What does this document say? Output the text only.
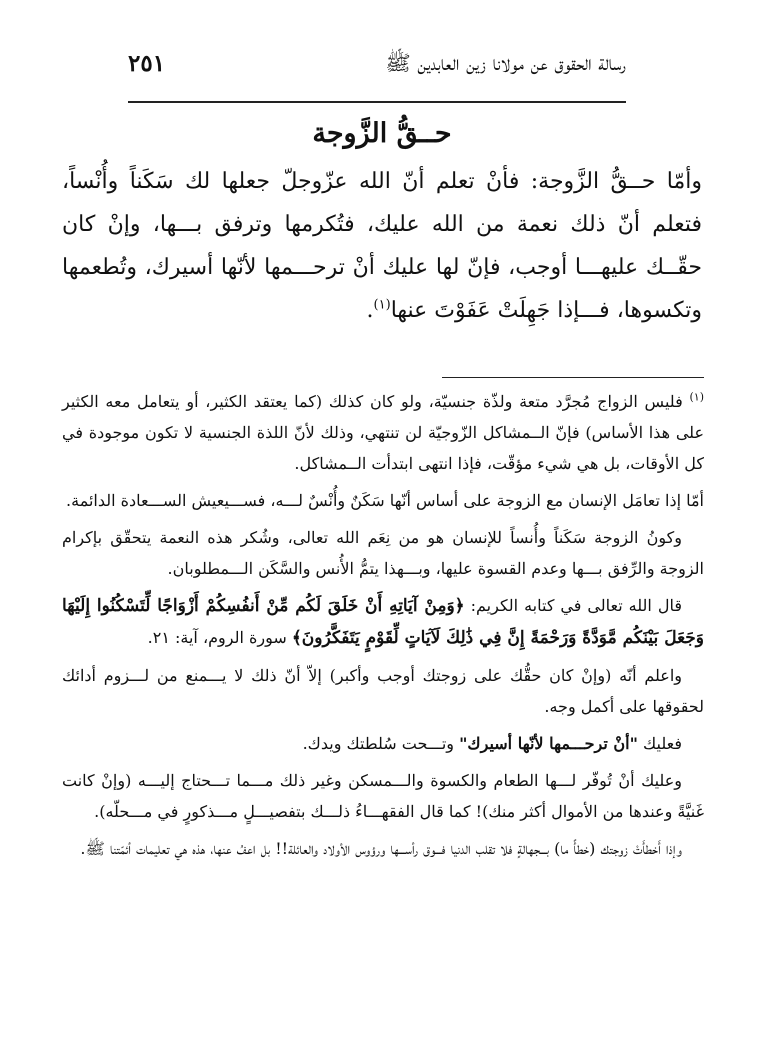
رسالة الحقوق عن مولانا زين العابدين ﷺ
٢٥١
حــقُّ الزَّوجة
وأمّا حــقُّ الزَّوجة: فأنْ تعلم أنّ الله عزّوجلّ جعلها لك سَكَناً وأُنْساً، فتعلم أنّ ذلك نعمة من الله عليك، فتُكرمها وترفق بـــها، وإنْ كان حقّــك عليهـــا أوجب، فإنّ لها عليك أنْ ترحـــمها لأنّها أسيرك، وتُطعمها وتكسوها، فـــإذا جَهِلَتْ عَفَوْتَ عنها$^{(١)}$.

$^{(١)}$ فليس الزواج مُجرَّد متعة ولذّة جنسيّة، ولو كان كذلك (كما يعتقد الكثير، أو يتعامل معه الكثير على هذا الأساس) فإنّ الــمشاكل الزّوجيّة لن تنتهي، وذلك لأنّ اللذة الجنسية لا تكون موجودة في كل الأوقات، بل هي شيء مؤقّت، فإذا انتهى ابتدأت الــمشاكل.

أمّا إذا تعامَل الإنسان مع الزوجة على أساس أنّها سَكَنٌ وأُنْسٌ لـــه، فســـيعيش الســـعادة الدائمة.

وكونُ الزوجة سَكَناً وأُنساً للإنسان هو من نِعَم الله تعالى، وشُكر هذه النعمة يتحقّق بإكرام الزوجة والرِّفق بـــها وعدم القسوة عليها، وبـــهذا يتمُّ الأُنس والسَّكَن الـــمطلوبان.

قال الله تعالى في كتابه الكريم: ﴿وَمِنْ آيَاتِهِ أَنْ خَلَقَ لَكُم مِّنْ أَنفُسِكُمْ أَزْوَاجًا لِّتَسْكُنُوا إِلَيْهَا وَجَعَلَ بَيْنَكُم مَّوَدَّةً وَرَحْمَةً إِنَّ فِي ذَٰلِكَ لَآيَاتٍ لِّقَوْمٍ يَتَفَكَّرُونَ﴾ سورة الروم، آية: ٢١.

واعلم أنّه (وإنْ كان حقُّك على زوجتك أوجب وأكبر) إلاّ أنّ ذلك لا يـــمنع من لـــزوم أدائك لحقوقها على أكمل وجه.

فعليك "أنْ ترحـــمها لأنّها أسيرك" وتـــحت سُلطتك ويدك.

وعليك أنْ تُوفّر لـــها الطعام والكسوة والـــمسكن وغير ذلك مـــما تـــحتاج إليـــه (وإنْ كانت غَنيَّةً وعندها من الأموال أكثر منك)! كما قال الفقهـــاءُ ذلـــك بتفصيـــلٍ مـــذكورٍ في مـــحلّه).

وإذا أَخطأَتْ زوجتك (خطأً ما) بـــجهالةٍ فلا تقلب الدنيا فـــوق رأســـها ورؤوس الأولاد والعائلة!! بل اعفُ عنها، هذه هي تعليمات أئمّتنا ﷺ.
